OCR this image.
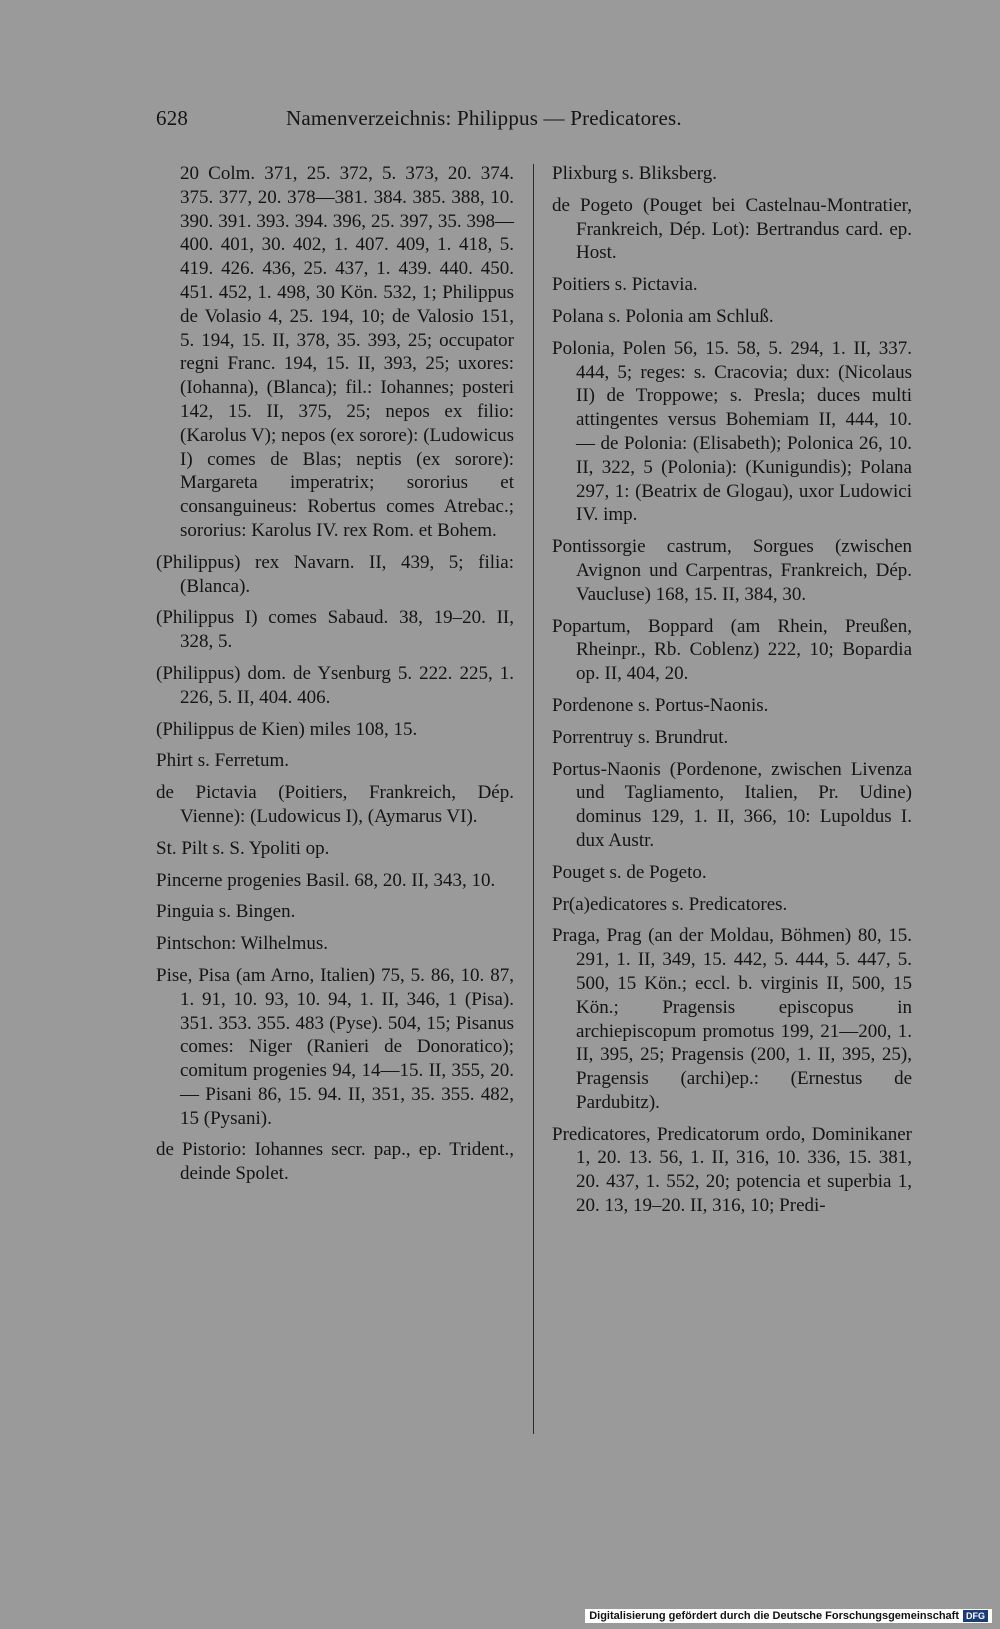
628	Namenverzeichnis: Philippus — Predicatores.
20 Colm. 371, 25. 372, 5. 373, 20. 374. 375. 377, 20. 378—381. 384. 385. 388, 10. 390. 391. 393. 394. 396, 25. 397, 35. 398—400. 401, 30. 402, 1. 407. 409, 1. 418, 5. 419. 426. 436, 25. 437, 1. 439. 440. 450. 451. 452, 1. 498, 30 Kön. 532, 1; Philippus de Volasio 4, 25. 194, 10; de Valosio 151, 5. 194, 15. II, 378, 35. 393, 25; occupator regni Franc. 194, 15. II, 393, 25; uxores: (Iohanna), (Blanca); fil.: Iohannes; posteri 142, 15. II, 375, 25; nepos ex filio: (Karolus V); nepos (ex sorore): (Ludowicus I) comes de Blas; neptis (ex sorore): Margareta imperatrix; sororius et consanguineus: Robertus comes Atrebac.; sororius: Karolus IV. rex Rom. et Bohem.
(Philippus) rex Navarn. II, 439, 5; filia: (Blanca).
(Philippus I) comes Sabaud. 38, 19–20. II, 328, 5.
(Philippus) dom. de Ysenburg 5. 222. 225, 1. 226, 5. II, 404. 406.
(Philippus de Kien) miles 108, 15.
Phirt s. Ferretum.
de Pictavia (Poitiers, Frankreich, Dép. Vienne): (Ludowicus I), (Aymarus VI).
St. Pilt s. S. Ypoliti op.
Pincerne progenies Basil. 68, 20. II, 343, 10.
Pinguia s. Bingen.
Pintschon: Wilhelmus.
Pise, Pisa (am Arno, Italien) 75, 5. 86, 10. 87, 1. 91, 10. 93, 10. 94, 1. II, 346, 1 (Pisa). 351. 353. 355. 483 (Pyse). 504, 15; Pisanus comes: Niger (Ranieri de Donoratico); comitum progenies 94, 14—15. II, 355, 20. — Pisani 86, 15. 94. II, 351, 35. 355. 482, 15 (Pysani).
de Pistorio: Iohannes secr. pap., ep. Trident., deinde Spolet.
Plixburg s. Bliksberg.
de Pogeto (Pouget bei Castelnau-Montratier, Frankreich, Dép. Lot): Bertrandus card. ep. Host.
Poitiers s. Pictavia.
Polana s. Polonia am Schluß.
Polonia, Polen 56, 15. 58, 5. 294, 1. II, 337. 444, 5; reges: s. Cracovia; dux: (Nicolaus II) de Troppowe; s. Presla; duces multi attingentes versus Bohemiam II, 444, 10. — de Polonia: (Elisabeth); Polonica 26, 10. II, 322, 5 (Polonia): (Kunigundis); Polana 297, 1: (Beatrix de Glogau), uxor Ludowici IV. imp.
Pontissorgie castrum, Sorgues (zwischen Avignon und Carpentras, Frankreich, Dép. Vaucluse) 168, 15. II, 384, 30.
Popartum, Boppard (am Rhein, Preußen, Rheinpr., Rb. Coblenz) 222, 10; Bopardia op. II, 404, 20.
Pordenone s. Portus-Naonis.
Porrentruy s. Brundrut.
Portus-Naonis (Pordenone, zwischen Livenza und Tagliamento, Italien, Pr. Udine) dominus 129, 1. II, 366, 10: Lupoldus I. dux Austr.
Pouget s. de Pogeto.
Pr(a)edicatores s. Predicatores.
Praga, Prag (an der Moldau, Böhmen) 80, 15. 291, 1. II, 349, 15. 442, 5. 444, 5. 447, 5. 500, 15 Kön.; eccl. b. virginis II, 500, 15 Kön.; Pragensis episcopus in archiepiscopum promotus 199, 21—200, 1. II, 395, 25; Pragensis (200, 1. II, 395, 25), Pragensis (archi)ep.: (Ernestus de Pardubitz).
Predicatores, Predicatorum ordo, Dominikaner 1, 20. 13. 56, 1. II, 316, 10. 336, 15. 381, 20. 437, 1. 552, 20; potencia et superbia 1, 20. 13, 19–20. II, 316, 10; Predi-
Digitalisierung gefördert durch die Deutsche Forschungsgemeinschaft DFG
